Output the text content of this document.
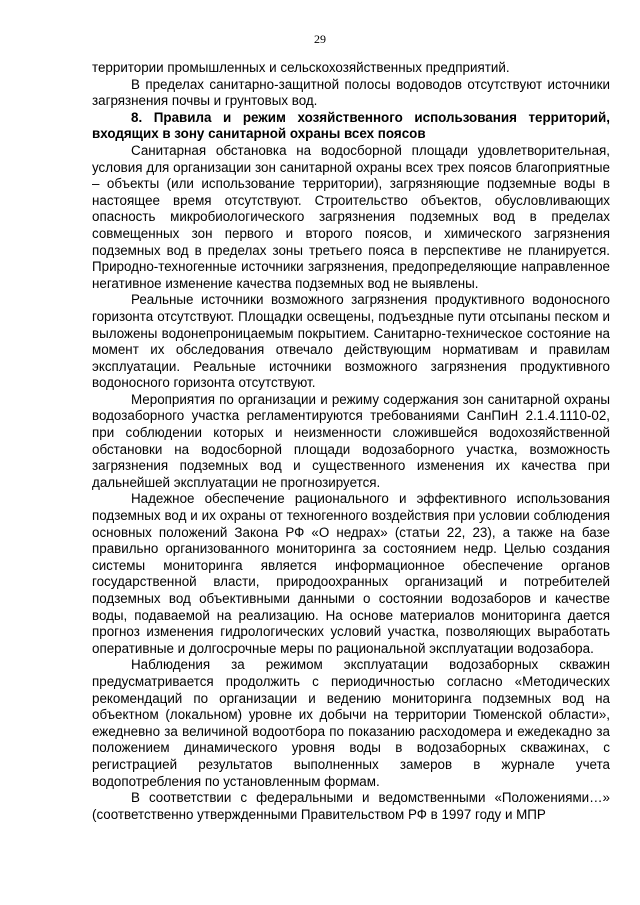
29

территории промышленных и сельскохозяйственных предприятий.

В пределах санитарно-защитной полосы водоводов отсутствуют источники загрязнения почвы и грунтовых вод.

8. Правила и режим хозяйственного использования территорий, входящих в зону санитарной охраны всех поясов

Санитарная обстановка на водосборной площади удовлетворительная, условия для организации зон санитарной охраны всех трех поясов благоприятные – объекты (или использование территории), загрязняющие подземные воды в настоящее время отсутствуют. Строительство объектов, обусловливающих опасность микробиологического загрязнения подземных вод в пределах совмещенных зон первого и второго поясов, и химического загрязнения подземных вод в пределах зоны третьего пояса в перспективе не планируется. Природно-техногенные источники загрязнения, предопределяющие направленное негативное изменение качества подземных вод не выявлены.

Реальные источники возможного загрязнения продуктивного водоносного горизонта отсутствуют. Площадки освещены, подъездные пути отсыпаны песком и выложены водонепроницаемым покрытием. Санитарно-техническое состояние на момент их обследования отвечало действующим нормативам и правилам эксплуатации. Реальные источники возможного загрязнения продуктивного водоносного горизонта отсутствуют.

Мероприятия по организации и режиму содержания зон санитарной охраны водозаборного участка регламентируются требованиями СанПиН 2.1.4.1110-02, при соблюдении которых и неизменности сложившейся водохозяйственной обстановки на водосборной площади водозаборного участка, возможность загрязнения подземных вод и существенного изменения их качества при дальнейшей эксплуатации не прогнозируется.

Надежное обеспечение рационального и эффективного использования подземных вод и их охраны от техногенного воздействия при условии соблюдения основных положений Закона РФ «О недрах» (статьи 22, 23), а также на базе правильно организованного мониторинга за состоянием недр. Целью создания системы мониторинга является информационное обеспечение органов государственной власти, природоохранных организаций и потребителей подземных вод объективными данными о состоянии водозаборов и качестве воды, подаваемой на реализацию. На основе материалов мониторинга дается прогноз изменения гидрологических условий участка, позволяющих выработать оперативные и долгосрочные меры по рациональной эксплуатации водозабора.

Наблюдения за режимом эксплуатации водозаборных скважин предусматривается продолжить с периодичностью согласно «Методических рекомендаций по организации и ведению мониторинга подземных вод на объектном (локальном) уровне их добычи на территории Тюменской области», ежедневно за величиной водоотбора по показанию расходомера и ежедекадно за положением динамического уровня воды в водозаборных скважинах, с регистрацией результатов выполненных замеров в журнале учета водопотребления по установленным формам.

В соответствии с федеральными и ведомственными «Положениями…» (соответственно утвержденными Правительством РФ в 1997 году и МПР
